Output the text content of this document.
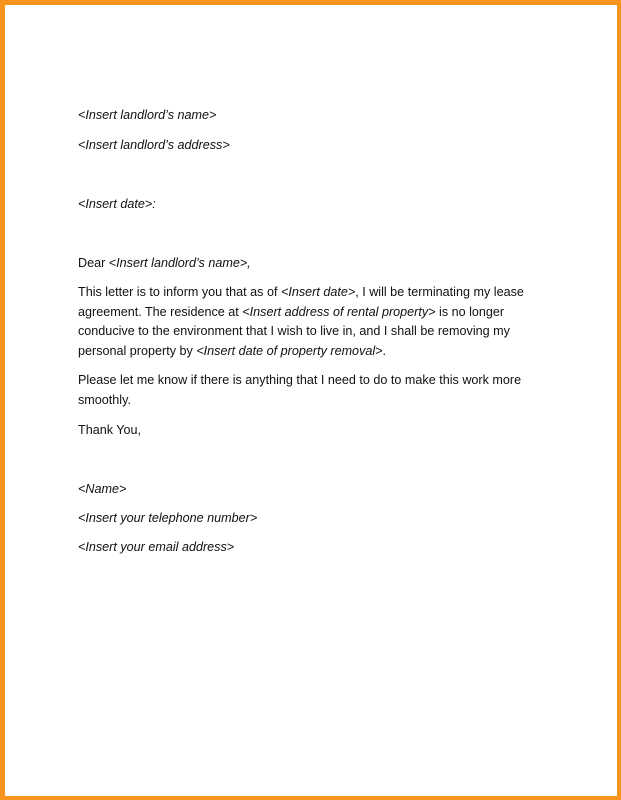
<Insert landlord’s name>
<Insert landlord’s address>
<Insert date>:
Dear <Insert landlord’s name>,
This letter is to inform you that as of <Insert date>, I will be terminating my lease
agreement. The residence at <Insert address of rental property> is no longer
conducive to the environment that I wish to live in, and I shall be removing my
personal property by <Insert date of property removal>.
Please let me know if there is anything that I need to do to make this work more
smoothly.
Thank You,
<Name>
<Insert your telephone number>
<Insert your email address>
